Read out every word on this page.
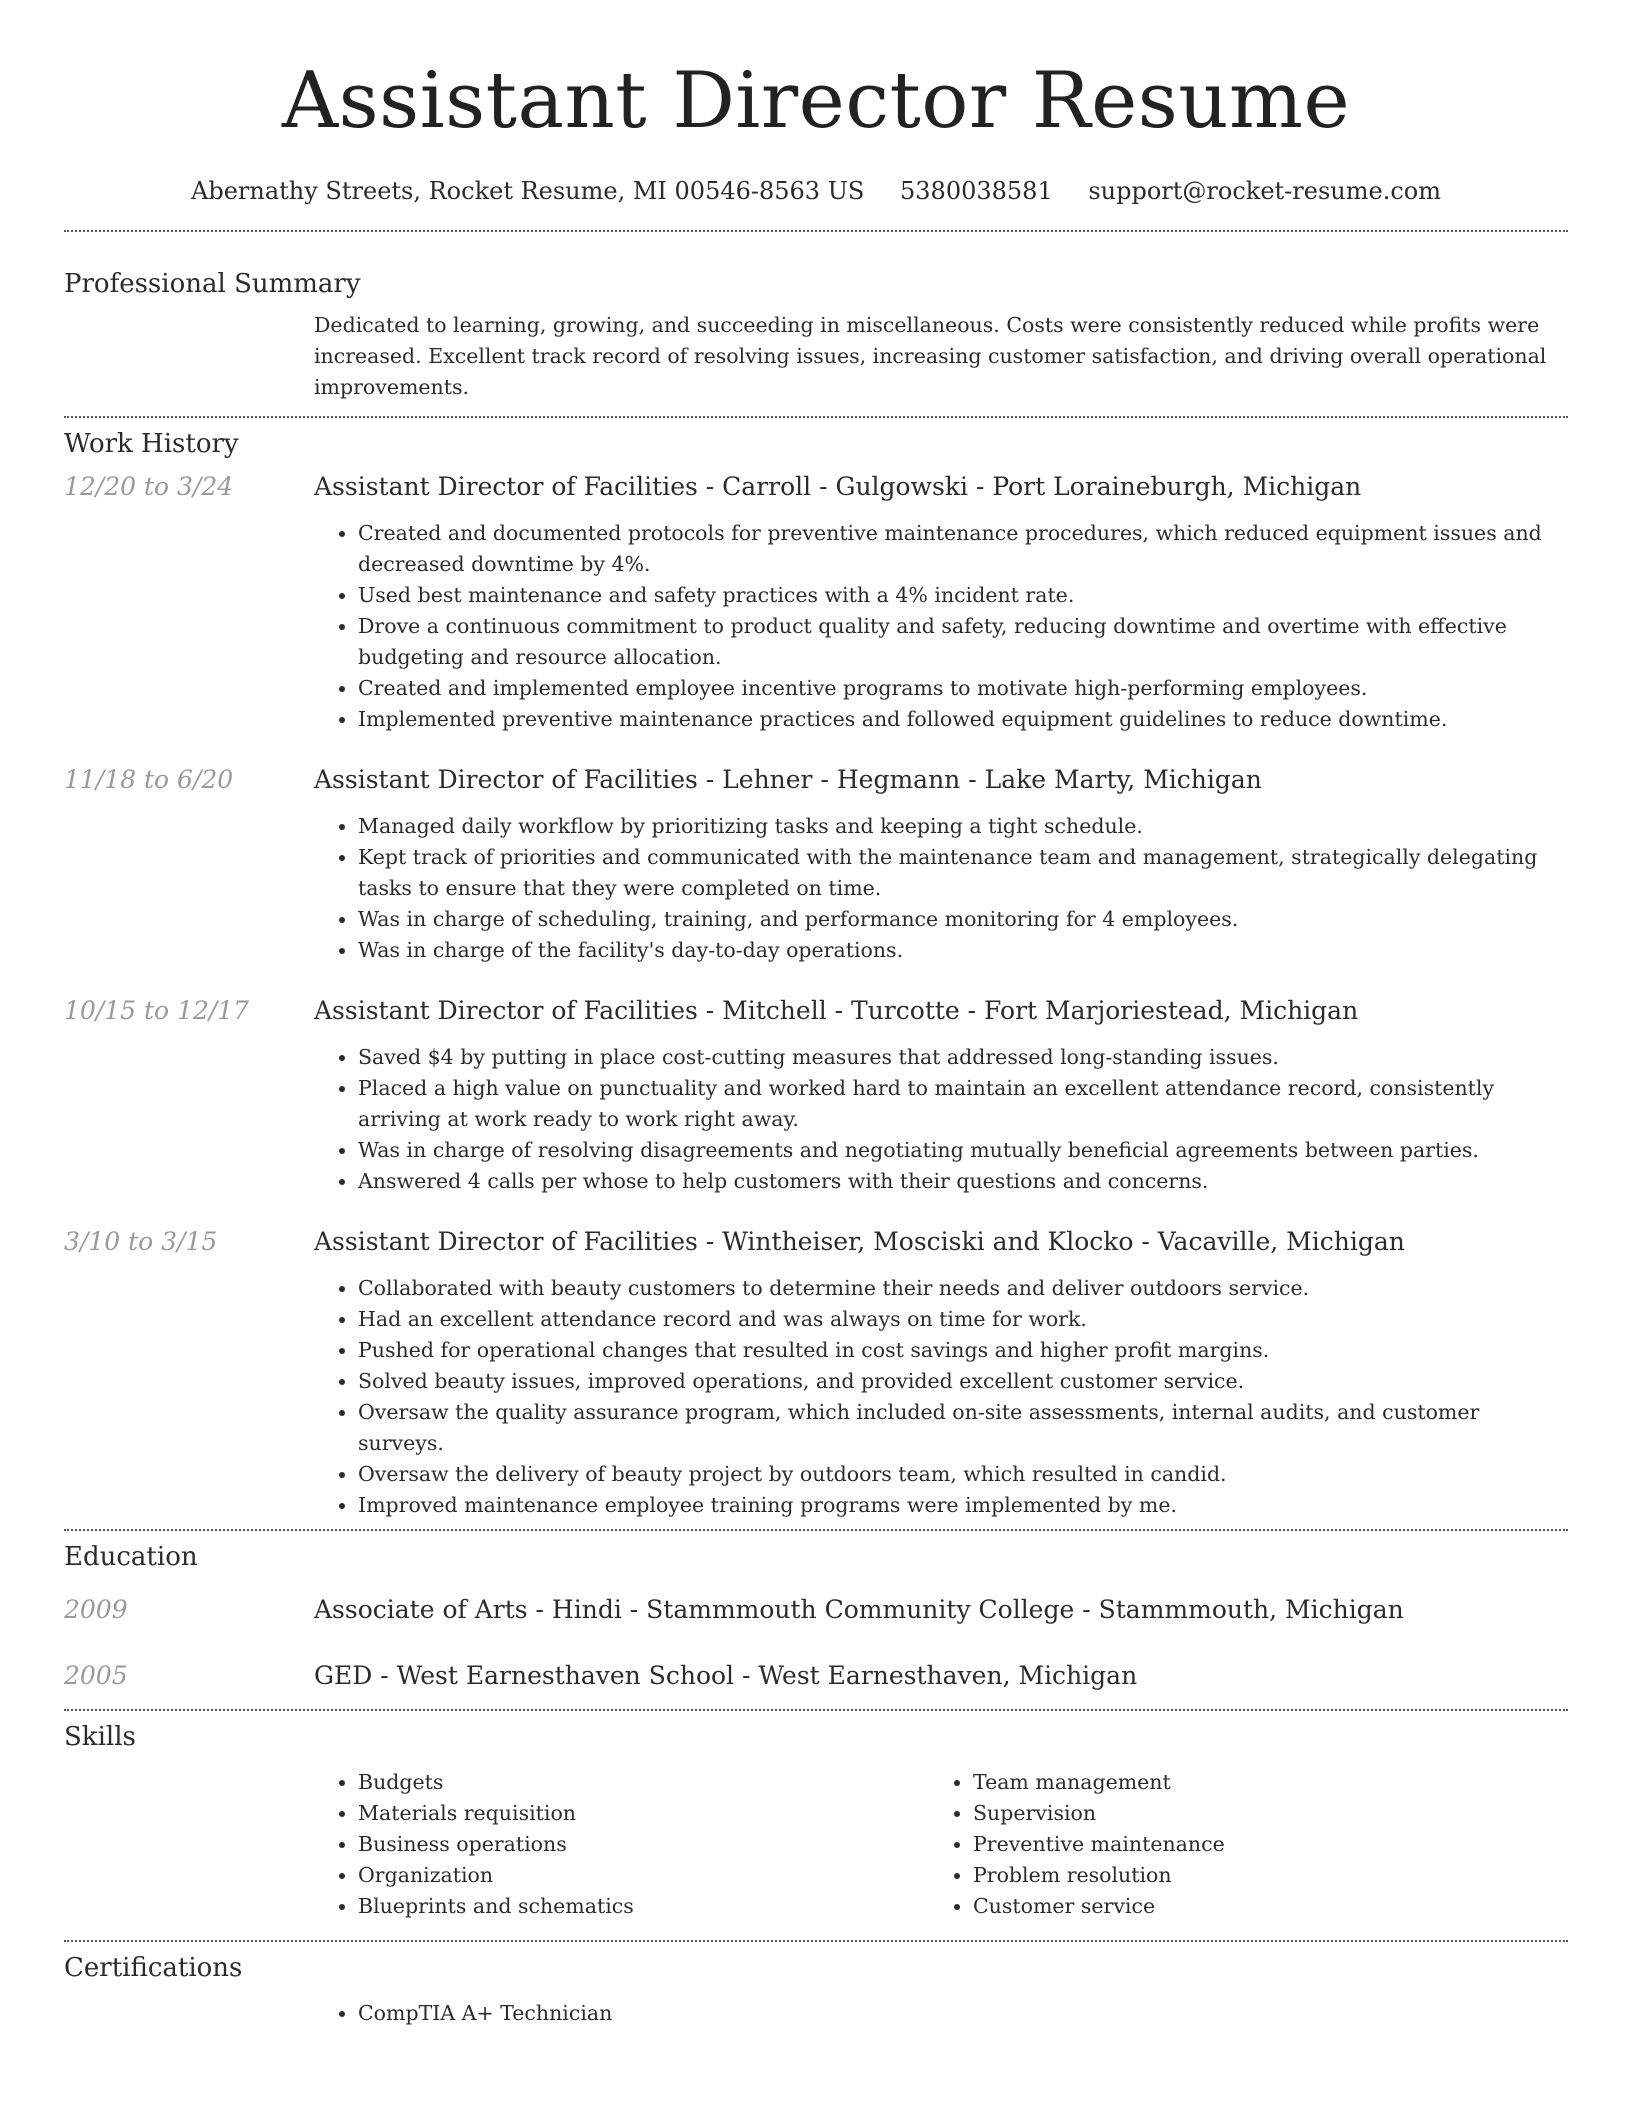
Assistant Director Resume
Abernathy Streets, Rocket Resume, MI 00546-8563 US 5380038581 support@rocket-resume.com
Professional Summary
Dedicated to learning, growing, and succeeding in miscellaneous. Costs were consistently reduced while profits were increased. Excellent track record of resolving issues, increasing customer satisfaction, and driving overall operational improvements.
Work History
12/20 to 3/24	Assistant Director of Facilities - Carroll - Gulgowski - Port Loraineburgh, Michigan
• Created and documented protocols for preventive maintenance procedures, which reduced equipment issues and decreased downtime by 4%.
• Used best maintenance and safety practices with a 4% incident rate.
• Drove a continuous commitment to product quality and safety, reducing downtime and overtime with effective budgeting and resource allocation.
• Created and implemented employee incentive programs to motivate high-performing employees.
• Implemented preventive maintenance practices and followed equipment guidelines to reduce downtime.
11/18 to 6/20	Assistant Director of Facilities - Lehner - Hegmann - Lake Marty, Michigan
• Managed daily workflow by prioritizing tasks and keeping a tight schedule.
• Kept track of priorities and communicated with the maintenance team and management, strategically delegating tasks to ensure that they were completed on time.
• Was in charge of scheduling, training, and performance monitoring for 4 employees.
• Was in charge of the facility's day-to-day operations.
10/15 to 12/17	Assistant Director of Facilities - Mitchell - Turcotte - Fort Marjoriestead, Michigan
• Saved $4 by putting in place cost-cutting measures that addressed long-standing issues.
• Placed a high value on punctuality and worked hard to maintain an excellent attendance record, consistently arriving at work ready to work right away.
• Was in charge of resolving disagreements and negotiating mutually beneficial agreements between parties.
• Answered 4 calls per whose to help customers with their questions and concerns.
3/10 to 3/15	Assistant Director of Facilities - Wintheiser, Mosciski and Klocko - Vacaville, Michigan
• Collaborated with beauty customers to determine their needs and deliver outdoors service.
• Had an excellent attendance record and was always on time for work.
• Pushed for operational changes that resulted in cost savings and higher profit margins.
• Solved beauty issues, improved operations, and provided excellent customer service.
• Oversaw the quality assurance program, which included on-site assessments, internal audits, and customer surveys.
• Oversaw the delivery of beauty project by outdoors team, which resulted in candid.
• Improved maintenance employee training programs were implemented by me.
Education
2009	Associate of Arts - Hindi - Stammmouth Community College - Stammmouth, Michigan
2005	GED - West Earnesthaven School - West Earnesthaven, Michigan
Skills
• Budgets
• Materials requisition
• Business operations
• Organization
• Blueprints and schematics
• Team management
• Supervision
• Preventive maintenance
• Problem resolution
• Customer service
Certifications
• CompTIA A+ Technician
